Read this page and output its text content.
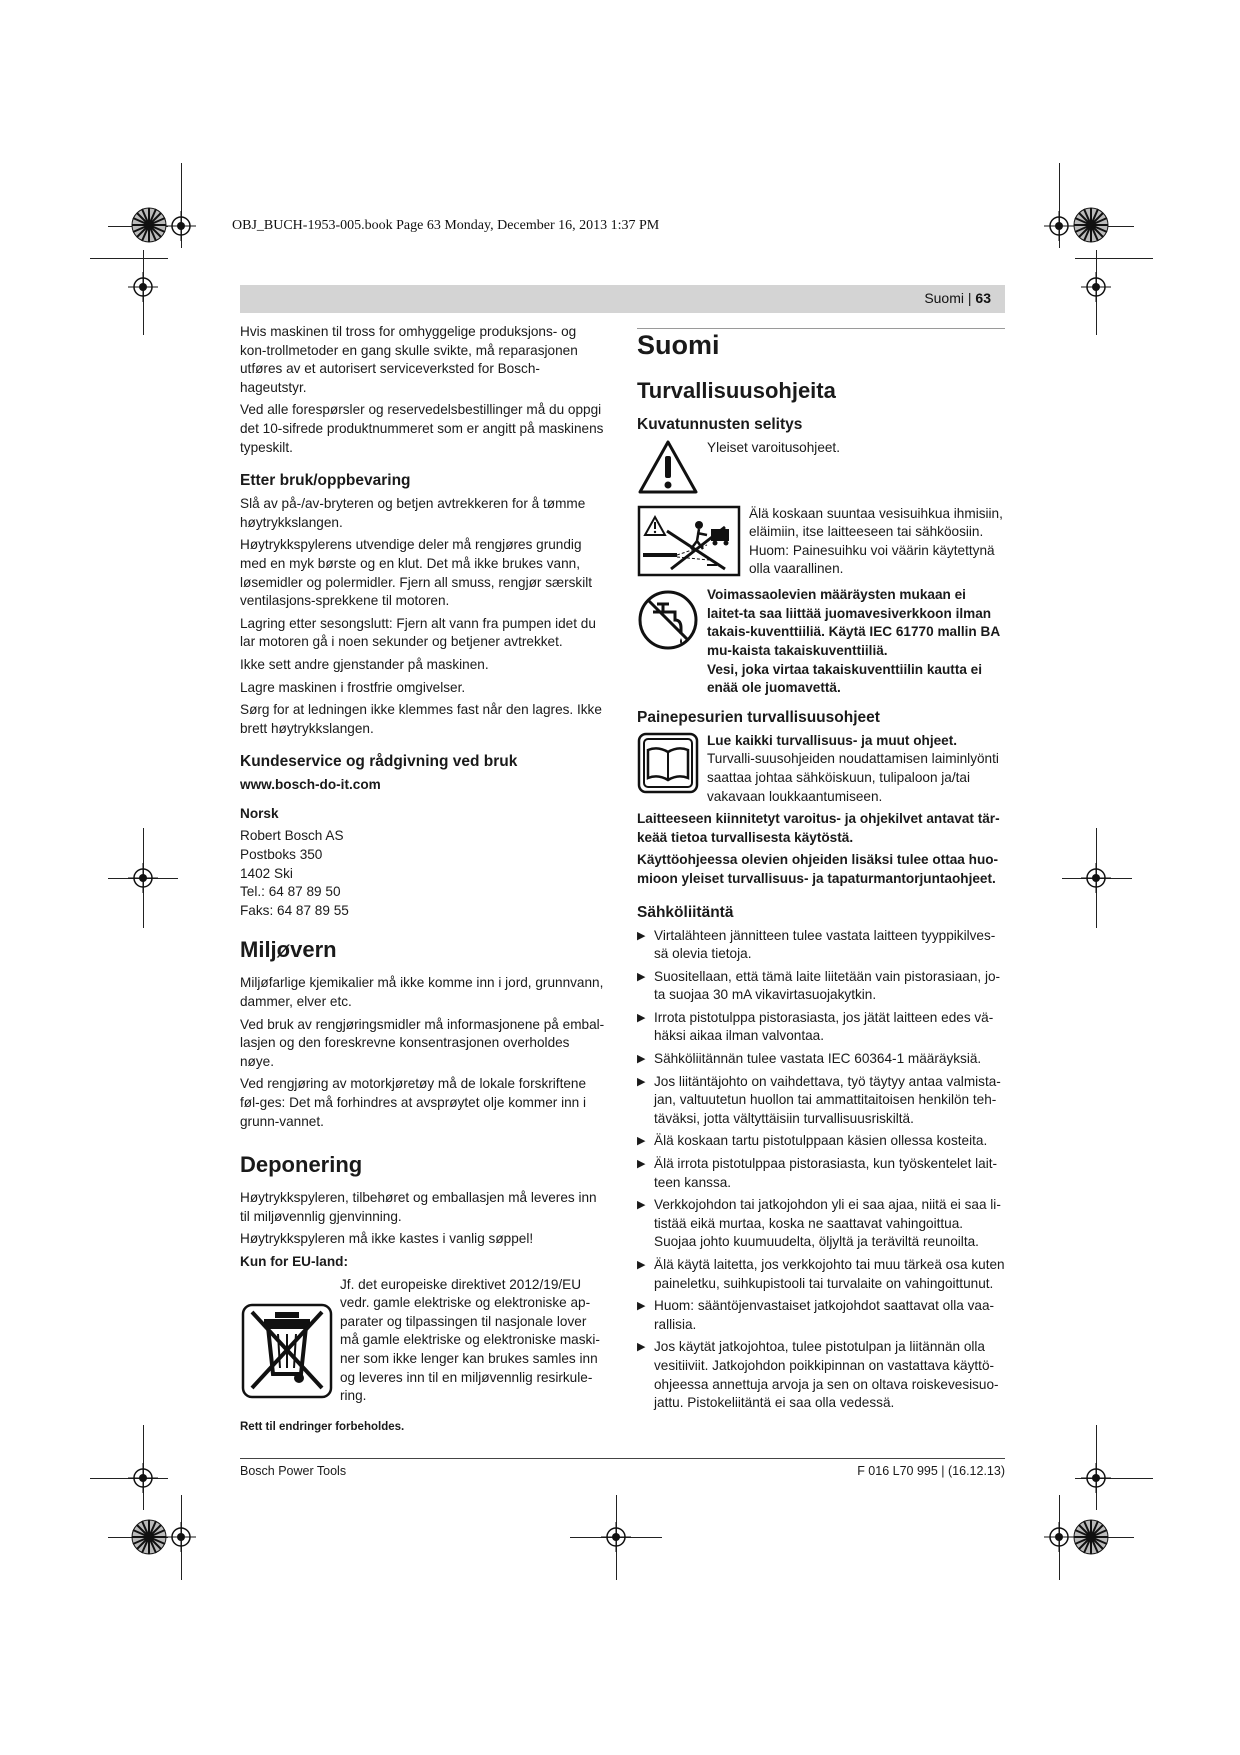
OBJ_BUCH-1953-005.book Page 63 Monday, December 16, 2013 1:37 PM
Suomi | 63

Hvis maskinen til tross for omhyggelige produksjons- og kon-trollmetoder en gang skulle svikte, må reparasjonen utføres av et autorisert serviceverksted for Bosch-hageutstyr.

Ved alle forespørsler og reservedelsbestillinger må du oppgi det 10-sifrede produktnummeret som er angitt på maskinens typeskilt.

Etter bruk/oppbevaring

Slå av på-/av-bryteren og betjen avtrekkeren for å tømme høytrykkslangen.

Høytrykkspylerens utvendige deler må rengjøres grundig med en myk børste og en klut. Det må ikke brukes vann, løsemidler og polermidler. Fjern all smuss, rengjør særskilt ventilasjons-sprekkene til motoren.

Lagring etter sesongslutt: Fjern alt vann fra pumpen idet du lar motoren gå i noen sekunder og betjener avtrekket.

Ikke sett andre gjenstander på maskinen.

Lagre maskinen i frostfrie omgivelser.

Sørg for at ledningen ikke klemmes fast når den lagres. Ikke brett høytrykkslangen.

Kundeservice og rådgivning ved bruk

www.bosch-do-it.com

Norsk

Robert Bosch AS
Postboks 350
1402 Ski
Tel.: 64 87 89 50
Faks: 64 87 89 55
Miljøvern

Miljøfarlige kjemikalier må ikke komme inn i jord, grunnvann, dammer, elver etc.

Ved bruk av rengjøringsmidler må informasjonene på embal-lasjen og den foreskrevne konsentrasjonen overholdes nøye.

Ved rengjøring av motorkjøretøy må de lokale forskriftene føl-ges: Det må forhindres at avsprøytet olje kommer inn i grunn-vannet.

Deponering

Høytrykkspyleren, tilbehøret og emballasjen må leveres inn til miljøvennlig gjenvinning.

Høytrykkspyleren må ikke kastes i vanlig søppel!

Kun for EU-land:

Jf. det europeiske direktivet 2012/19/EU vedr. gamle elektriske og elektroniske ap-parater og tilpassingen til nasjonale lover må gamle elektriske og elektroniske maski-ner som ikke lenger kan brukes samles inn og leveres inn til en miljøvennlig resirkule-ring.

Rett til endringer forbeholdes.

Suomi
Turvallisuusohjeita
Kuvatunnusten selitys
Yleiset varoitusohjeet.
Älä koskaan suuntaa vesisuihkua ihmisiin, eläimiin, itse laitteeseen tai sähköosiin. Huom: Painesuihku voi väärin käytettynä olla vaarallinen.
Voimassaolevien määräysten mukaan ei laitet-ta saa liittää juomavesiverkkoon ilman takais-kuventtiiliä. Käytä IEC 61770 mallin BA mu-kaista takaiskuventtiiliä.
Vesi, joka virtaa takaiskuventtiilin kautta ei enää ole juomavettä.
Painepesurien turvallisuusohjeet
Lue kaikki turvallisuus- ja muut ohjeet. Turvalli-suusohjeiden noudattamisen laiminlyönti saattaa johtaa sähköiskuun, tulipaloon ja/tai vakavaan loukkaantumiseen.

Laitteeseen kiinnitetyt varoitus- ja ohjekilvet antavat tär-keää tietoa turvallisesta käytöstä.

Käyttöohjeessa olevien ohjeiden lisäksi tulee ottaa huo-mioon yleiset turvallisuus- ja tapaturmantorjuntaohjeet.

Sähköliitäntä
▶ Virtalähteen jännitteen tulee vastata laitteen tyyppikilves-sä olevia tietoja.
▶ Suositellaan, että tämä laite liitetään vain pistorasiaan, jo-ta suojaa 30 mA vikavirtasuojakytkin.
▶ Irrota pistotulppa pistorasiasta, jos jätät laitteen edes vä-häksi aikaa ilman valvontaa.
▶ Sähköliitännän tulee vastata IEC 60364-1 määräyksiä.
▶ Jos liitäntäjohto on vaihdettava, työ täytyy antaa valmista-jan, valtuutetun huollon tai ammattitaitoisen henkilön teh-täväksi, jotta vältyttäisiin turvallisuusriskiltä.
▶ Älä koskaan tartu pistotulppaan käsien ollessa kosteita.
▶ Älä irrota pistotulppaa pistorasiasta, kun työskentelet lait-teen kanssa.
▶ Verkkojohdon tai jatkojohdon yli ei saa ajaa, niitä ei saa li-tistää eikä murtaa, koska ne saattavat vahingoittua. Suojaa johto kuumuudelta, öljyltä ja teräviltä reunoilta.
▶ Älä käytä laitetta, jos verkkojohto tai muu tärkeä osa kuten paineletku, suihkupistooli tai turvalaite on vahingoittunut.
▶ Huom: sääntöjenvastaiset jatkojohdot saattavat olla vaa-rallisia.
▶ Jos käytät jatkojohtoa, tulee pistotulpan ja liitännän olla vesitiiviit. Jatkojohdon poikkipinnan on vastattava käyttö-ohjeessa annettuja arvoja ja sen on oltava roiskevesisuo-jattu. Pistokeliitäntä ei saa olla vedessä.
Bosch Power Tools	F 016 L70 995 | (16.12.13)
